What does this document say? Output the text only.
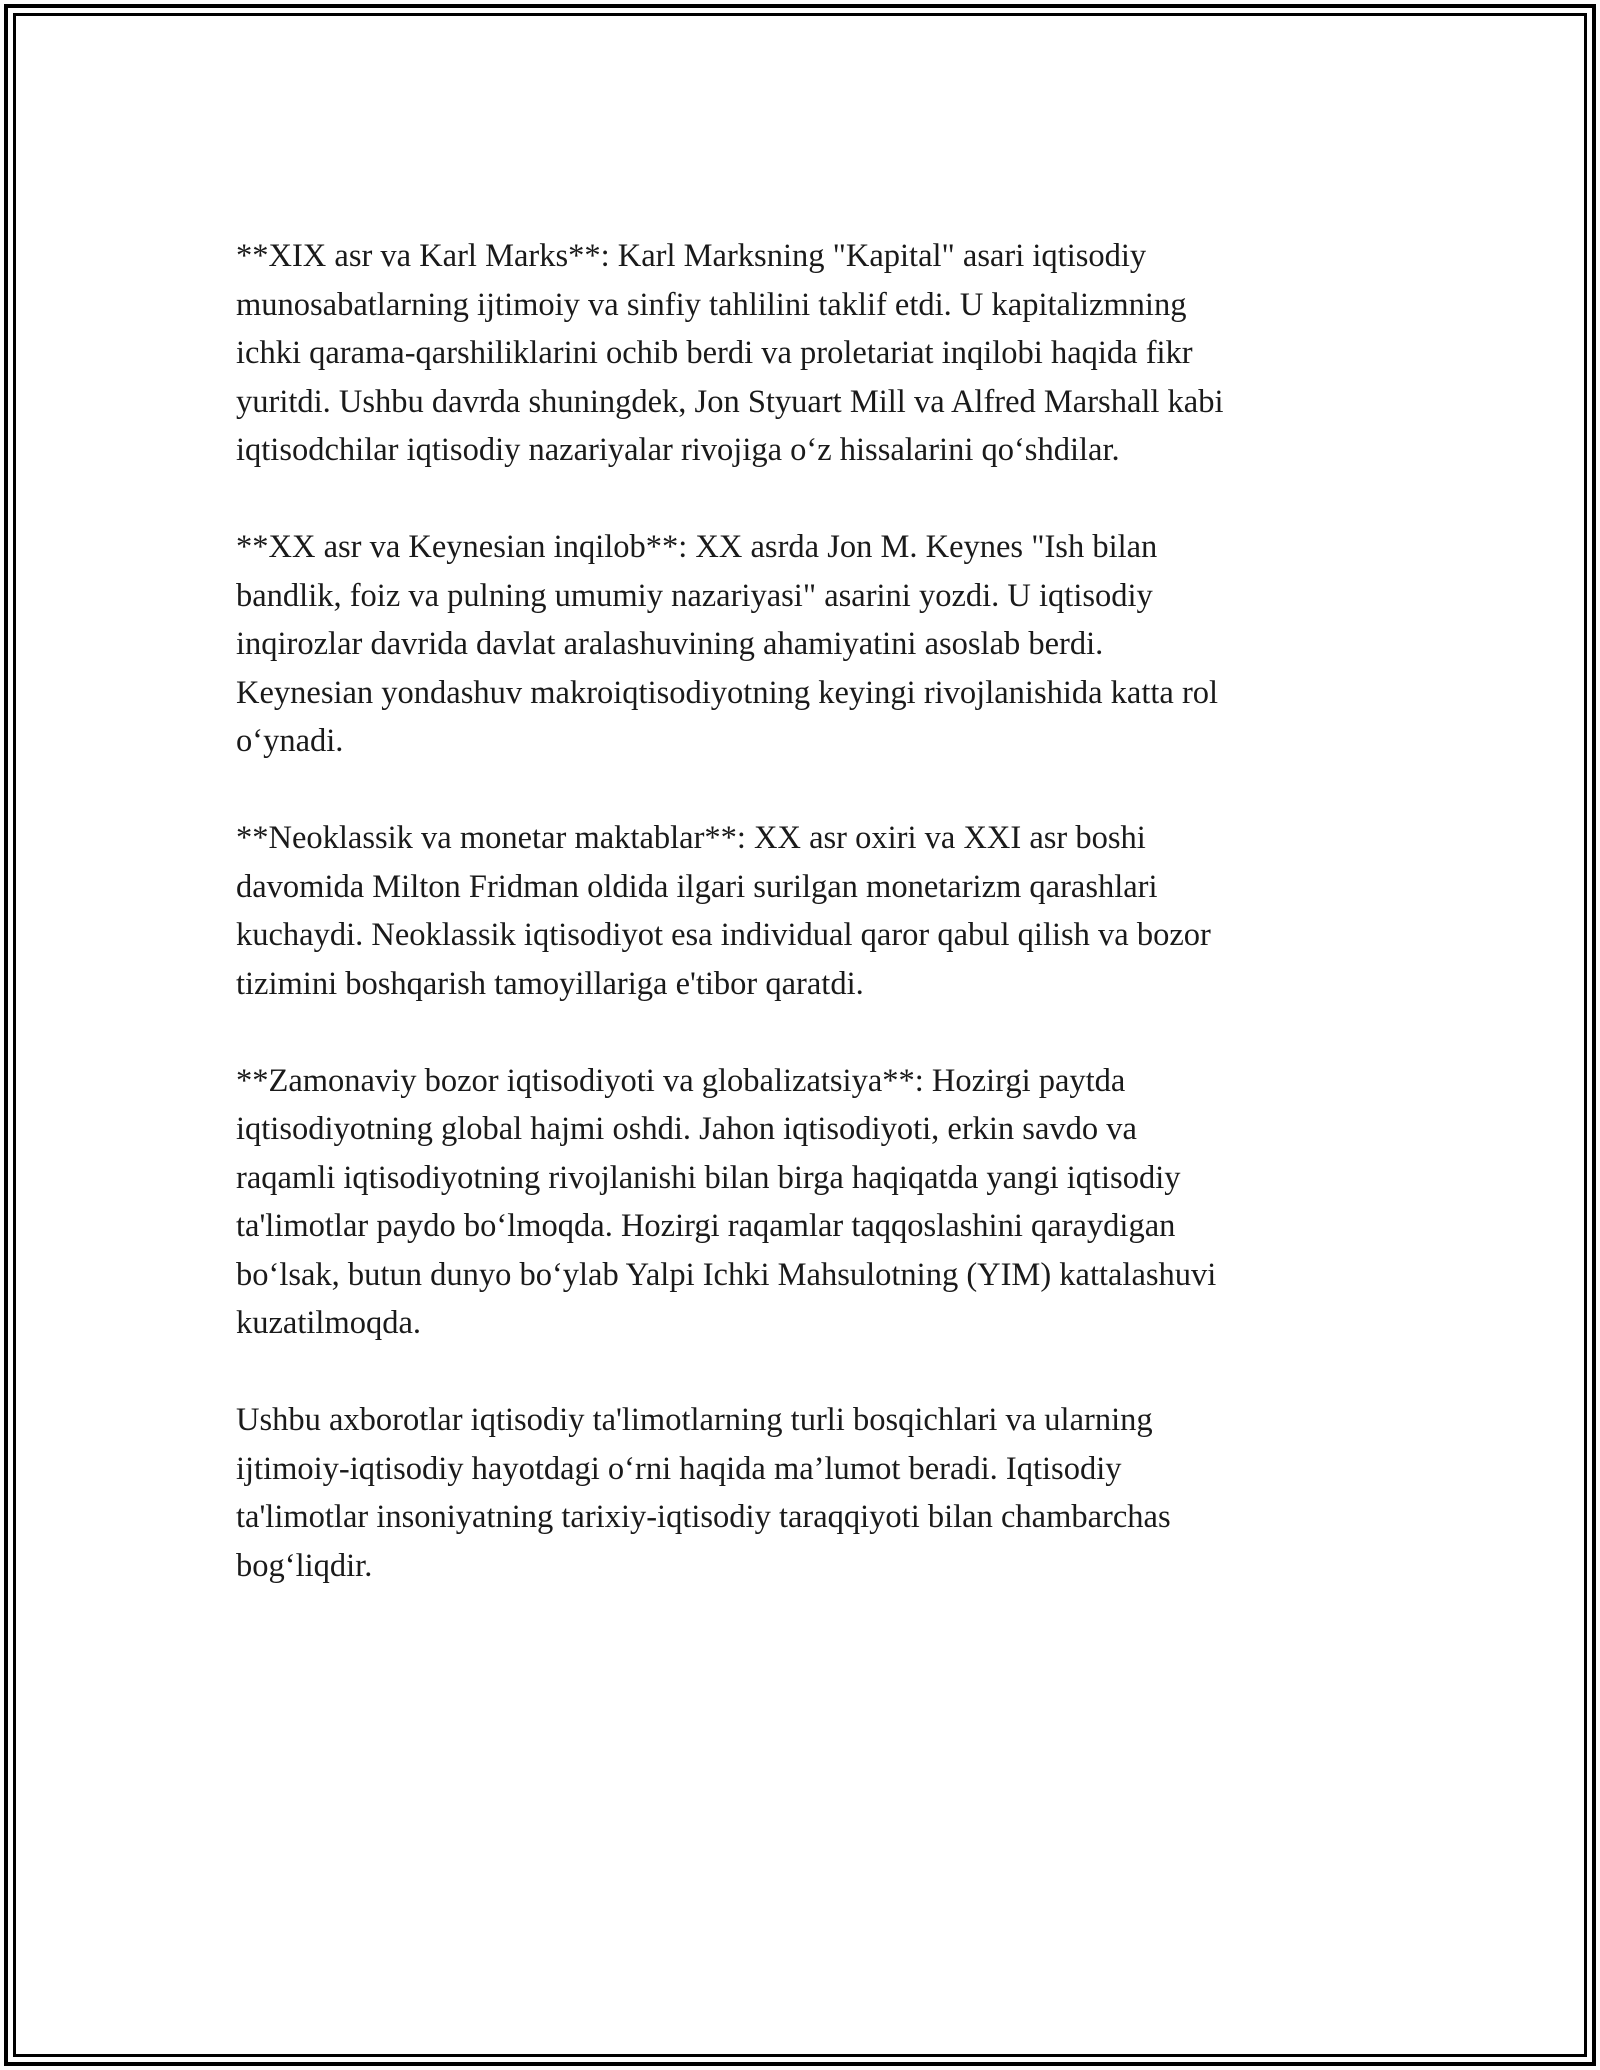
**XIX asr va Karl Marks**: Karl Marksning "Kapital" asari iqtisodiy
munosabatlarning ijtimoiy va sinfiy tahlilini taklif etdi. U kapitalizmning
ichki qarama-qarshiliklarini ochib berdi va proletariat inqilobi haqida fikr
yuritdi. Ushbu davrda shuningdek, Jon Styuart Mill va Alfred Marshall kabi
iqtisodchilar iqtisodiy nazariyalar rivojiga o‘z hissalarini qo‘shdilar.

**XX asr va Keynesian inqilob**: XX asrda Jon M. Keynes "Ish bilan
bandlik, foiz va pulning umumiy nazariyasi" asarini yozdi. U iqtisodiy
inqirozlar davrida davlat aralashuvining ahamiyatini asoslab berdi.
Keynesian yondashuv makroiqtisodiyotning keyingi rivojlanishida katta rol
o‘ynadi.

**Neoklassik va monetar maktablar**: XX asr oxiri va XXI asr boshi
davomida Milton Fridman oldida ilgari surilgan monetarizm qarashlari
kuchaydi. Neoklassik iqtisodiyot esa individual qaror qabul qilish va bozor
tizimini boshqarish tamoyillariga e'tibor qaratdi.

**Zamonaviy bozor iqtisodiyoti va globalizatsiya**: Hozirgi paytda
iqtisodiyotning global hajmi oshdi. Jahon iqtisodiyoti, erkin savdo va
raqamli iqtisodiyotning rivojlanishi bilan birga haqiqatda yangi iqtisodiy
ta'limotlar paydo bo‘lmoqda. Hozirgi raqamlar taqqoslashini qaraydigan
bo‘lsak, butun dunyo bo‘ylab Yalpi Ichki Mahsulotning (YIM) kattalashuvi
kuzatilmoqda.

Ushbu axborotlar iqtisodiy ta'limotlarning turli bosqichlari va ularning
ijtimoiy-iqtisodiy hayotdagi o‘rni haqida ma’lumot beradi. Iqtisodiy
ta'limotlar insoniyatning tarixiy-iqtisodiy taraqqiyoti bilan chambarchas
bog‘liqdir.
